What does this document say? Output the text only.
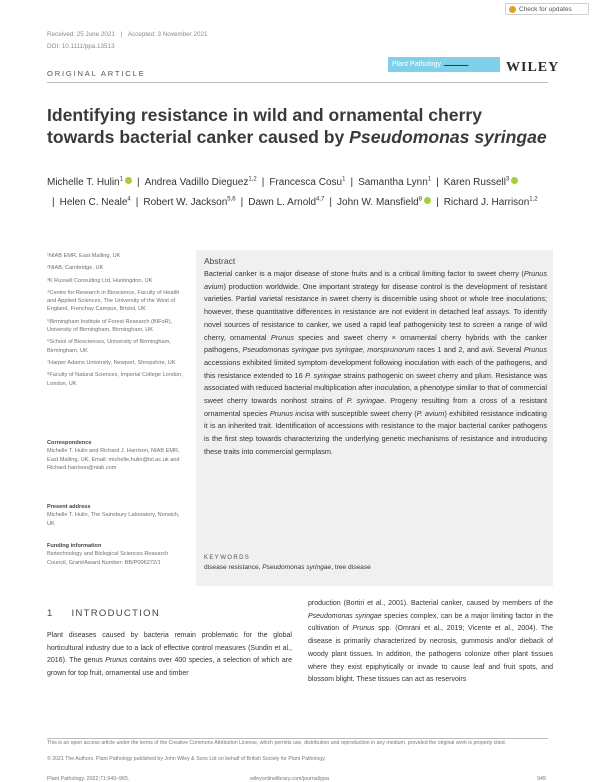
Check for updates
Received: 25 June 2021 | Accepted: 3 November 2021
DOI: 10.1111/ppa.13513
ORIGINAL ARTICLE
Plant Pathology ▬▬▬▬▬▬▬	WILEY
Identifying resistance in wild and ornamental cherry towards bacterial canker caused by Pseudomonas syringae
Michelle T. Hulin$^1$ | Andrea Vadillo Dieguez$^{1,2}$ | Francesca Cosu$^1$ | Samantha Lynn$^1$ | Karen Russell$^3$| Helen C. Neale$^4$ | Robert W. Jackson$^{5,6}$ | Dawn L. Arnold$^{4,7}$ | John W. Mansfield$^8$ | Richard J. Harrison$^{1,2}$
¹NIAB EMR, East Malling, UK
²NIAB, Cambridge, UK
³K Russell Consulting Ltd, Huntingdon, UK
⁴Centre for Research in Bioscience, Faculty of Health and Applied Sciences, The University of the West of England, Frenchay Campus, Bristol, UK
⁵Birmingham Institute of Forest Research (BIFoR), University of Birmingham, Birmingham, UK
⁶School of Biosciences, University of Birmingham, Birmingham, UK
⁷Harper Adams University, Newport, Shropshire, UK
⁸Faculty of Natural Sciences, Imperial College London, London, UK
Correspondence
Michelle T. Hulin and Richard J. Harrison, NIAB EMR, East Malling, UK. Email: michelle.hulin@tsl.ac.uk and Richard.harrison@niab.com
Present address
Michelle T. Hulin, The Sainsbury Laboratory, Norwich, UK
Funding information
Biotechnology and Biological Sciences Research Council, Grant/Award Number: BB/P006272/1
Abstract
Bacterial canker is a major disease of stone fruits and is a critical limiting factor to sweet cherry (Prunus avium) production worldwide. One important strategy for disease control is the development of resistant varieties. Partial varietal resistance in sweet cherry is discernible using shoot or whole tree inoculations; however, these quantitative differences in resistance are not evident in detached leaf assays. To identify novel sources of resistance to canker, we used a rapid leaf pathogenicity test to screen a range of wild cherry, ornamental Prunus species and sweet cherry × ornamental cherry hybrids with the canker pathogens, Pseudomonas syringae pvs syringae, morsprunorum races 1 and 2, and avii. Several Prunus accessions exhibited limited symptom development following inoculation with each of the pathogens, and this resistance extended to 16 P. syringae strains pathogenic on sweet cherry and plum. Resistance was associated with reduced bacterial multiplication after inoculation, a phenotype similar to that of commercial sweet cherry towards nonhost strains of P. syringae. Progeny resulting from a cross of a resistant ornamental species Prunus incisa with susceptible sweet cherry (P. avium) exhibited resistance indicating it is an inherited trait. Identification of accessions with resistance to the major bacterial canker pathogens is the first step towards characterizing the underlying genetic mechanisms of resistance and introducing these traits into commercial germplasm.
KEYWORDS
disease resistance, Pseudomonas syringae, tree disease
1 INTRODUCTION
Plant diseases caused by bacteria remain problematic for the global horticultural industry due to a lack of effective control measures (Sundin et al., 2016). The genus Prunus contains over 400 species, a selection of which are grown for top fruit, ornamental use and timber
production (Bortiri et al., 2001). Bacterial canker, caused by members of the Pseudomonas syringae species complex, can be a major limiting factor in the cultivation of Prunus spp. (Omrani et al., 2019; Vicente et al., 2004). The disease is primarily characterized by necrosis, gummosis and/or dieback of woody plant tissues. In addition, the pathogens colonize other plant tissues where they exist epiphytically or invade to cause leaf and fruit spots, and blossom blight. These tissues can act as reservoirs
This is an open access article under the terms of the Creative Commons Attribution License, which permits use, distribution and reproduction in any medium, provided the original work is properly cited.
© 2021 The Authors. Plant Pathology published by John Wiley & Sons Ltd on behalf of British Society for Plant Pathology.
Plant Pathology. 2022;71:949–965.	wileyonlinelibrary.com/journal/ppa	949
